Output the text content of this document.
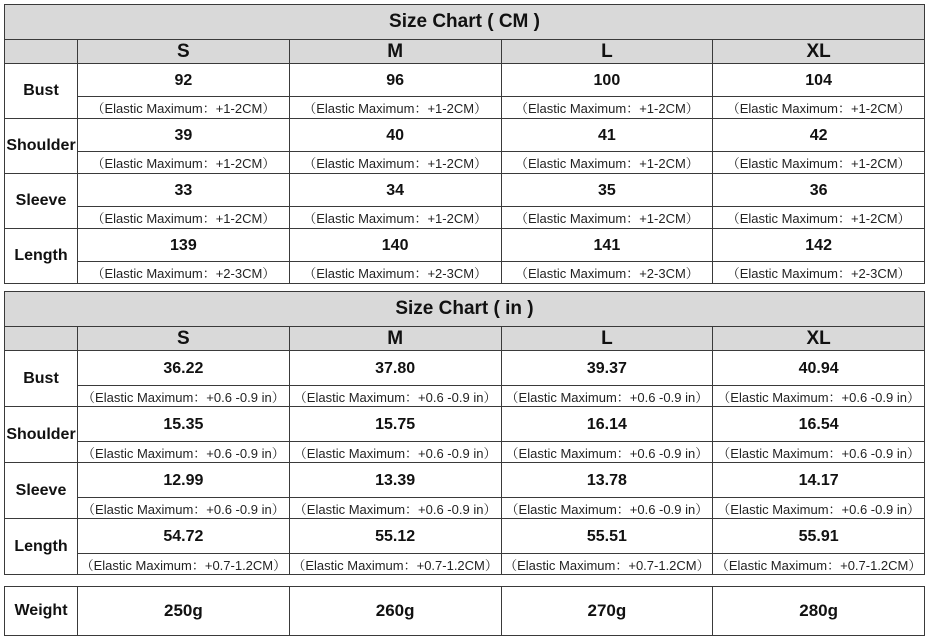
Size Chart ( CM )				
	S	M	L	XL
Bust	92	96	100	104
	（Elastic Maximum：+1-2CM）	（Elastic Maximum：+1-2CM）	（Elastic Maximum：+1-2CM）	（Elastic Maximum：+1-2CM）
Shoulder	39	40	41	42
	（Elastic Maximum：+1-2CM）	（Elastic Maximum：+1-2CM）	（Elastic Maximum：+1-2CM）	（Elastic Maximum：+1-2CM）
Sleeve	33	34	35	36
	（Elastic Maximum：+1-2CM）	（Elastic Maximum：+1-2CM）	（Elastic Maximum：+1-2CM）	（Elastic Maximum：+1-2CM）
Length	139	140	141	142
	（Elastic Maximum：+2-3CM）	（Elastic Maximum：+2-3CM）	（Elastic Maximum：+2-3CM）	（Elastic Maximum：+2-3CM）
Size Chart ( in )				
	S	M	L	XL
Bust	36.22	37.80	39.37	40.94
	（Elastic Maximum：+0.6 -0.9 in）	（Elastic Maximum：+0.6 -0.9 in）	（Elastic Maximum：+0.6 -0.9 in）	（Elastic Maximum：+0.6 -0.9 in）
Shoulder	15.35	15.75	16.14	16.54
	（Elastic Maximum：+0.6 -0.9 in）	（Elastic Maximum：+0.6 -0.9 in）	（Elastic Maximum：+0.6 -0.9 in）	（Elastic Maximum：+0.6 -0.9 in）
Sleeve	12.99	13.39	13.78	14.17
	（Elastic Maximum：+0.6 -0.9 in）	（Elastic Maximum：+0.6 -0.9 in）	（Elastic Maximum：+0.6 -0.9 in）	（Elastic Maximum：+0.6 -0.9 in）
Length	54.72	55.12	55.51	55.91
	（Elastic Maximum：+0.7-1.2CM）	（Elastic Maximum：+0.7-1.2CM）	（Elastic Maximum：+0.7-1.2CM）	（Elastic Maximum：+0.7-1.2CM）
Weight	250g	260g	270g	280g
